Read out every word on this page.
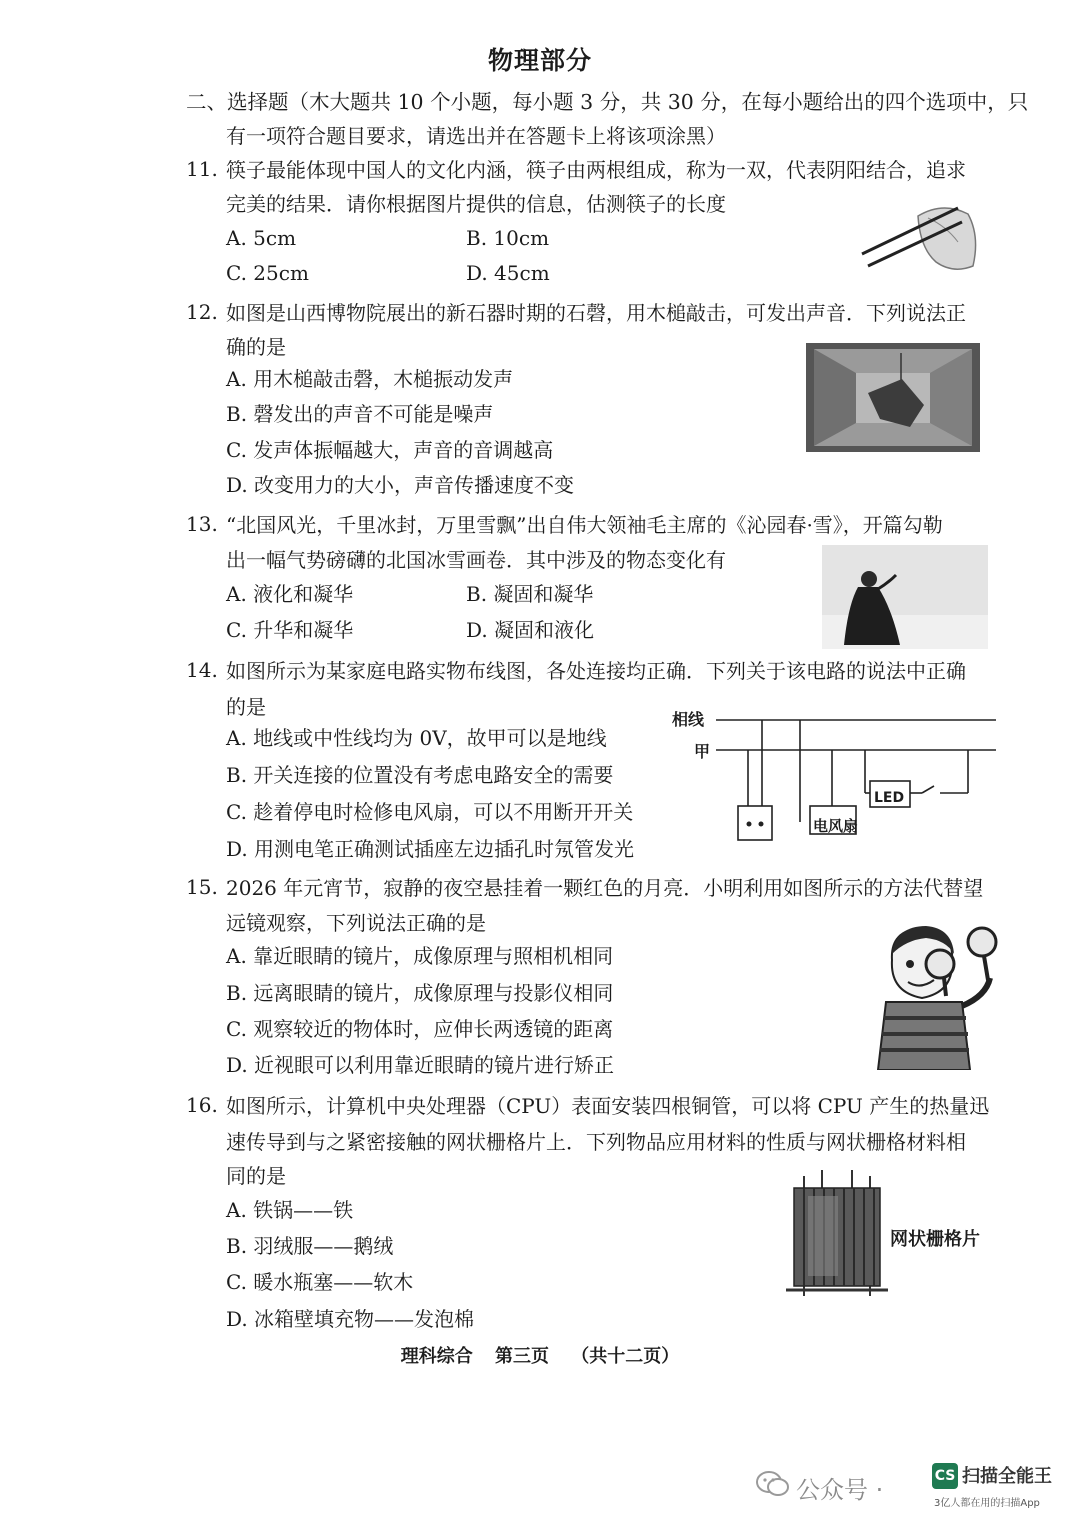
物理部分
二、选择题（木大题共 10 个小题，每小题 3 分，共 30 分，在每小题给出的四个选项中，只
有一项符合题目要求，请选出并在答题卡上将该项涂黑）
11. 筷子最能体现中国人的文化内涵，筷子由两根组成，称为一双，代表阴阳结合，追求
完美的结果．请你根据图片提供的信息，估测筷子的长度
A. 5cm	B. 10cm
C. 25cm	D. 45cm
12. 如图是山西博物院展出的新石器时期的石磬，用木槌敲击，可发出声音．下列说法正
确的是
A. 用木槌敲击磬，木槌振动发声
B. 磬发出的声音不可能是噪声
C. 发声体振幅越大，声音的音调越高
D. 改变用力的大小，声音传播速度不变
13. “北国风光，千里冰封，万里雪飘”出自伟大领袖毛主席的《沁园春·雪》，开篇勾勒
出一幅气势磅礴的北国冰雪画卷．其中涉及的物态变化有
A. 液化和凝华	B. 凝固和凝华
C. 升华和凝华	D. 凝固和液化
14. 如图所示为某家庭电路实物布线图，各处连接均正确．下列关于该电路的说法中正确
的是
A. 地线或中性线均为 0V，故甲可以是地线
B. 开关连接的位置没有考虑电路安全的需要
C. 趁着停电时检修电风扇，可以不用断开开关
D. 用测电笔正确测试插座左边插孔时氖管发光
相线
甲
LED
电风扇
15. 2026 年元宵节，寂静的夜空悬挂着一颗红色的月亮．小明利用如图所示的方法代替望
远镜观察，下列说法正确的是
A. 靠近眼睛的镜片，成像原理与照相机相同
B. 远离眼睛的镜片，成像原理与投影仪相同
C. 观察较近的物体时，应伸长两透镜的距离
D. 近视眼可以利用靠近眼睛的镜片进行矫正
16. 如图所示，计算机中央处理器（CPU）表面安装四根铜管，可以将 CPU 产生的热量迅
速传导到与之紧密接触的网状栅格片上．下列物品应用材料的性质与网状栅格材料相
同的是
A. 铁锅——铁
B. 羽绒服——鹅绒
C. 暖水瓶塞——软木
D. 冰箱壁填充物——发泡棉
网状栅格片
理科综合 第三页 （共十二页）
公众号 ·	CS 扫描全能王
3亿人都在用的扫描App
